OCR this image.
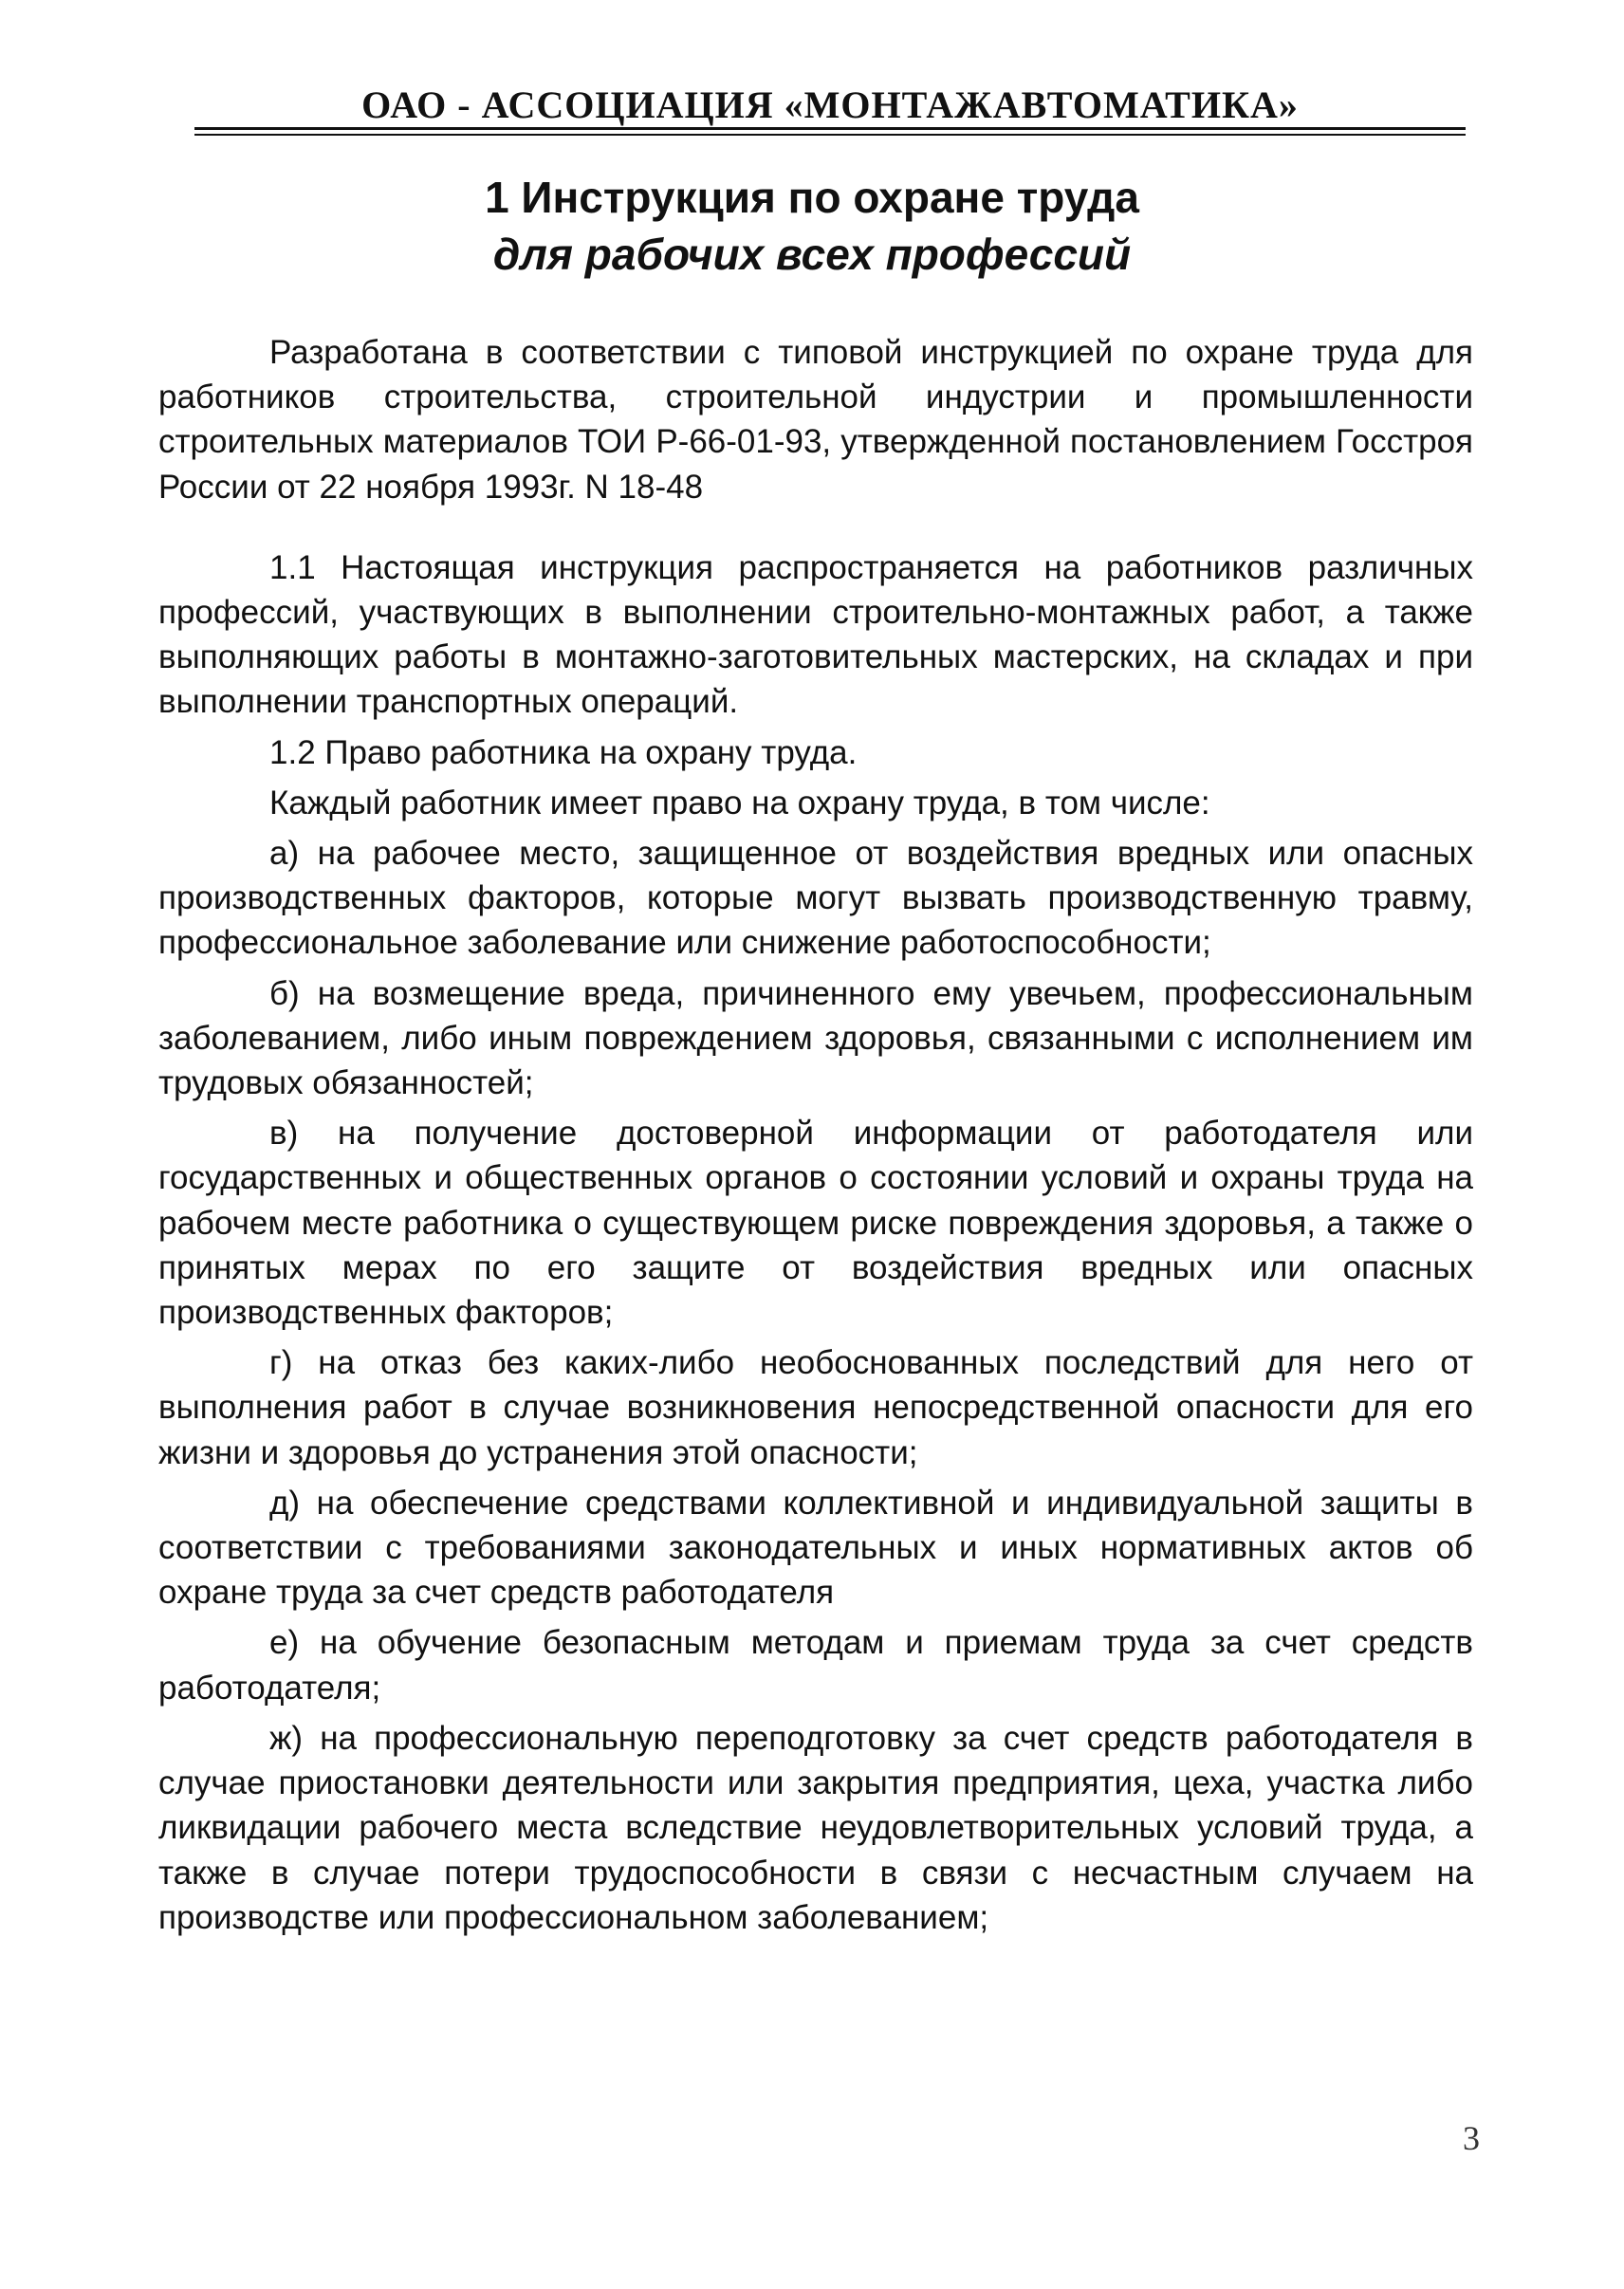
ОАО - АССОЦИАЦИЯ «МОНТАЖАВТОМАТИКА»
1 Инструкция по охране труда
для рабочих всех профессий

Разработана в соответствии с типовой инструкцией по охране труда для работников строительства, строительной индустрии и промышленности строительных материалов ТОИ Р-66-01-93, утвержденной постановлением Госстроя России от 22 ноября 1993г. N 18-48

1.1 Настоящая инструкция распространяется на работников различных профессий, участвующих в выполнении строительно-монтажных работ, а также выполняющих работы в монтажно-заготовительных мастерских, на складах и при выполнении транспортных операций.

1.2 Право работника на охрану труда.

Каждый работник имеет право на охрану труда, в том числе:

а) на рабочее место, защищенное от воздействия вредных или опасных производственных факторов, которые могут вызвать производственную травму, профессиональное заболевание или снижение работоспособности;

б) на возмещение вреда, причиненного ему увечьем, профессиональным заболеванием, либо иным повреждением здоровья, связанными с исполнением им трудовых обязанностей;

в) на получение достоверной информации от работодателя или государственных и общественных органов о состоянии условий и охраны труда на рабочем месте работника о существующем риске повреждения здоровья, а также о принятых мерах по его защите от воздействия вредных или опасных производственных факторов;

г) на отказ без каких-либо необоснованных последствий для него от выполнения работ в случае возникновения непосредственной опасности для его жизни и здоровья до устранения этой опасности;

д) на обеспечение средствами коллективной и индивидуальной защиты в соответствии с требованиями законодательных и иных нормативных актов об охране труда за счет средств работодателя

е) на обучение безопасным методам и приемам труда за счет средств работодателя;

ж) на профессиональную переподготовку за счет средств работодателя в случае приостановки деятельности или закрытия предприятия, цеха, участка либо ликвидации рабочего места вследствие неудовлетворительных условий труда, а также в случае потери трудоспособности в связи с несчастным случаем на производстве или профессиональном заболеванием;

3
